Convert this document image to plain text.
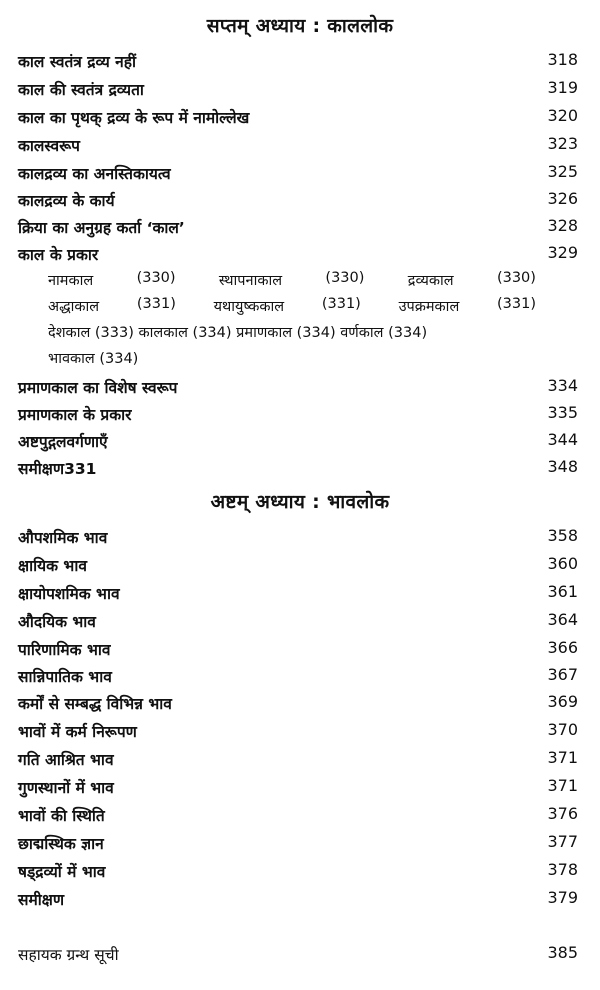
सप्तम् अध्याय : काललोक
काल स्वतंत्र द्रव्य नहीं	318
काल की स्वतंत्र द्रव्यता	319
काल का पृथक् द्रव्य के रूप में नामोल्लेख	320
कालस्वरूप	323
कालद्रव्य का अनस्तिकायत्व	325
कालद्रव्य के कार्य	326
क्रिया का अनुग्रह कर्ता ‘काल’	328
काल के प्रकार	329
नामकाल	(330)	स्थापनाकाल	(330)	द्रव्यकाल	(330)
अद्धाकाल	(331)	यथायुष्ककाल	(331)	उपक्रमकाल	(331)
देशकाल (333) कालकाल (334) प्रमाणकाल (334) वर्णकाल (334)
भावकाल (334)
प्रमाणकाल का विशेष स्वरूप	334
प्रमाणकाल के प्रकार	335
अष्टपुद्गलवर्गणाएँ	344
समीक्षण331	348
अष्टम् अध्याय : भावलोक
औपशमिक भाव	358
क्षायिक भाव	360
क्षायोपशमिक भाव	361
औदयिक भाव	364
पारिणामिक भाव	366
सान्निपातिक भाव	367
कर्मों से सम्बद्ध विभिन्न भाव	369
भावों में कर्म निरूपण	370
गति आश्रित भाव	371
गुणस्थानों में भाव	371
भावों की स्थिति	376
छाद्मस्थिक ज्ञान	377
षड्द्रव्यों में भाव	378
समीक्षण	379
सहायक ग्रन्थ सूची	385
